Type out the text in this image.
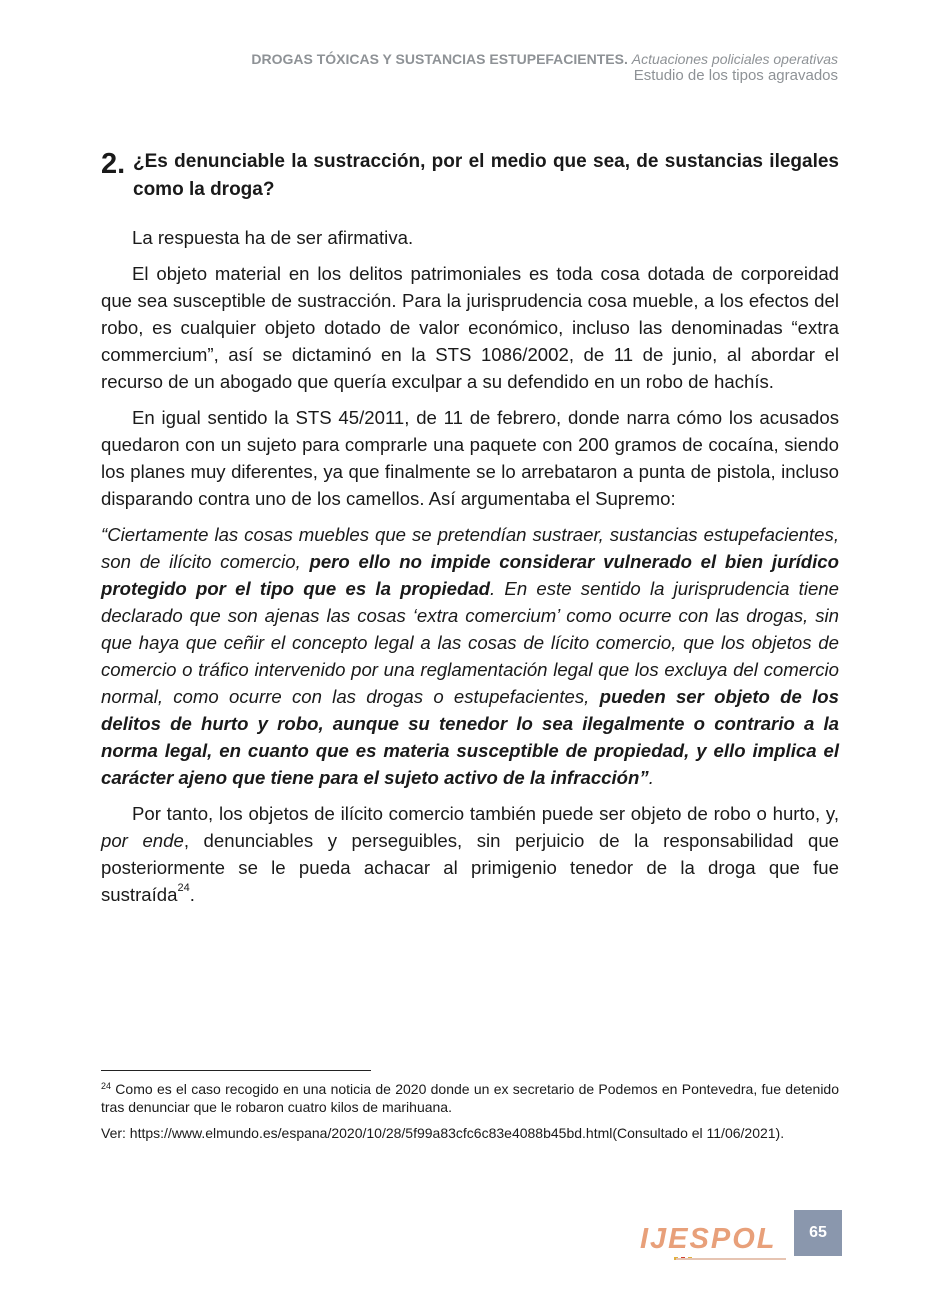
DROGAS TÓXICAS Y SUSTANCIAS ESTUPEFACIENTES. Actuaciones policiales operativas
Estudio de los tipos agravados
2. ¿Es denunciable la sustracción, por el medio que sea, de sustancias ilegales como la droga?

La respuesta ha de ser afirmativa.

El objeto material en los delitos patrimoniales es toda cosa dotada de corporeidad que sea susceptible de sustracción. Para la jurisprudencia cosa mueble, a los efectos del robo, es cualquier objeto dotado de valor económico, incluso las denominadas “extra commercium”, así se dictaminó en la STS 1086/2002, de 11 de junio, al abordar el recurso de un abogado que quería exculpar a su defendido en un robo de hachís.

En igual sentido la STS 45/2011, de 11 de febrero, donde narra cómo los acusados quedaron con un sujeto para comprarle una paquete con 200 gramos de cocaína, siendo los planes muy diferentes, ya que finalmente se lo arrebataron a punta de pistola, incluso disparando contra uno de los camellos. Así argumentaba el Supremo:

“Ciertamente las cosas muebles que se pretendían sustraer, sustancias estupefacientes, son de ilícito comercio, pero ello no impide considerar vulnerado el bien jurídico protegido por el tipo que es la propiedad. En este sentido la jurisprudencia tiene declarado que son ajenas las cosas ‘extra comercium’ como ocurre con las drogas, sin que haya que ceñir el concepto legal a las cosas de lícito comercio, que los objetos de comercio o tráfico intervenido por una reglamentación legal que los excluya del comercio normal, como ocurre con las drogas o estupefacientes, pueden ser objeto de los delitos de hurto y robo, aunque su tenedor lo sea ilegalmente o contrario a la norma legal, en cuanto que es materia susceptible de propiedad, y ello implica el carácter ajeno que tiene para el sujeto activo de la infracción”.

Por tanto, los objetos de ilícito comercio también puede ser objeto de robo o hurto, y, por ende, denunciables y perseguibles, sin perjuicio de la responsabilidad que posteriormente se le pueda achacar al primigenio tenedor de la droga que fue sustraída$^{24}$.

$^{24}$ Como es el caso recogido en una noticia de 2020 donde un ex secretario de Podemos en Pontevedra, fue detenido tras denunciar que le robaron cuatro kilos de marihuana.

Ver: https://www.elmundo.es/espana/2020/10/28/5f99a83cfc6c83e4088b45bd.html(Consultado el 11/06/2021).

IJESPOL	65
